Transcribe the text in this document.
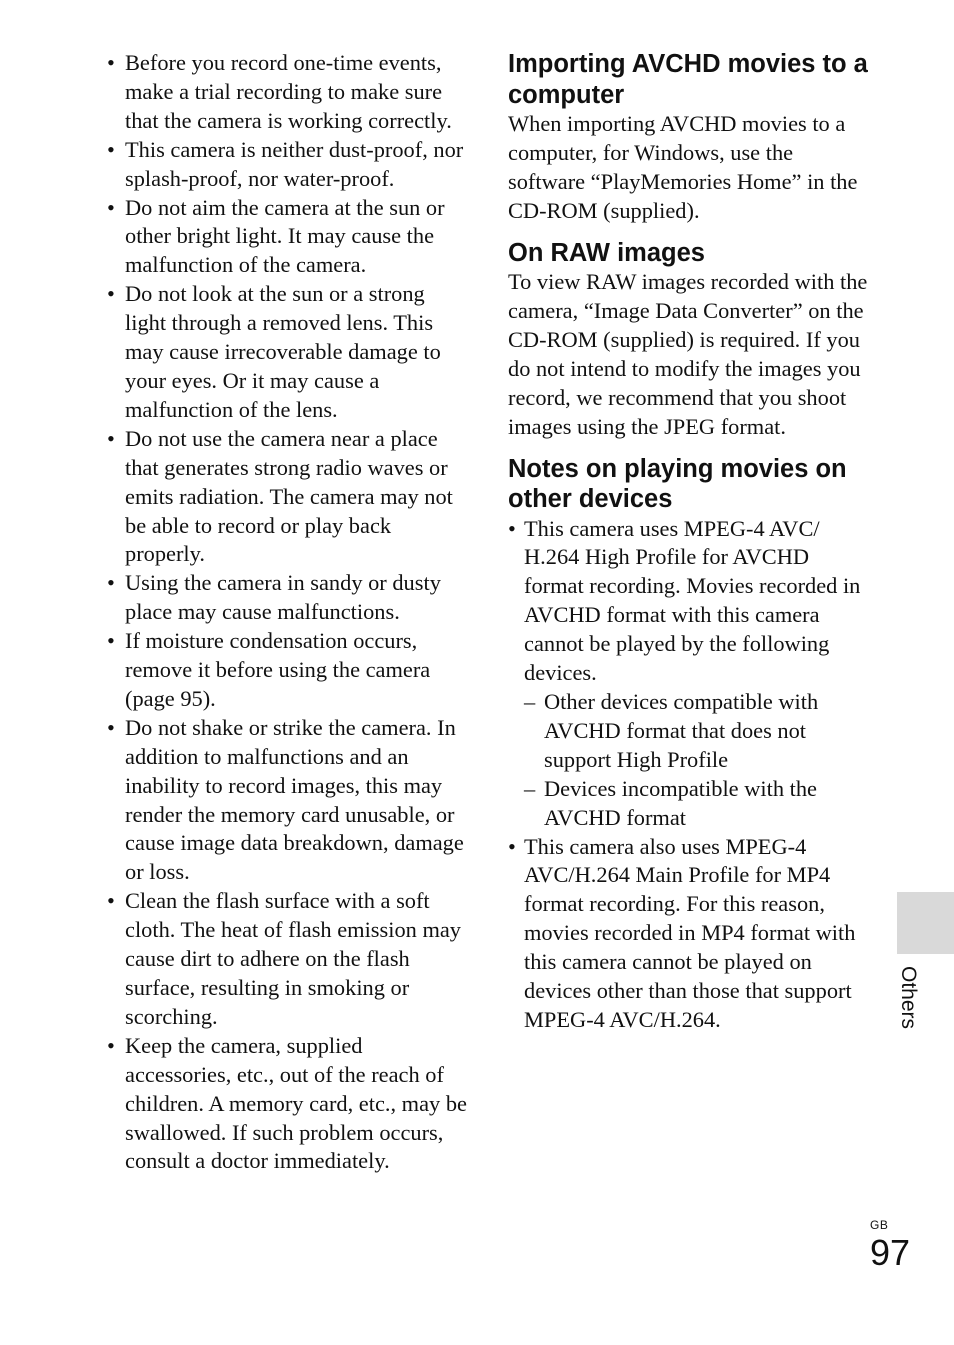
• Before you record one-time events, make a trial recording to make sure that the camera is working correctly.
• This camera is neither dust-proof, nor splash-proof, nor water-proof.
• Do not aim the camera at the sun or other bright light. It may cause the malfunction of the camera.
• Do not look at the sun or a strong light through a removed lens. This may cause irrecoverable damage to your eyes. Or it may cause a malfunction of the lens.
• Do not use the camera near a place that generates strong radio waves or emits radiation. The camera may not be able to record or play back properly.
• Using the camera in sandy or dusty place may cause malfunctions.
• If moisture condensation occurs, remove it before using the camera (page 95).
• Do not shake or strike the camera. In addition to malfunctions and an inability to record images, this may render the memory card unusable, or cause image data breakdown, damage or loss.
• Clean the flash surface with a soft cloth. The heat of flash emission may cause dirt to adhere on the flash surface, resulting in smoking or scorching.
• Keep the camera, supplied accessories, etc., out of the reach of children. A memory card, etc., may be swallowed. If such problem occurs, consult a doctor immediately.
Importing AVCHD movies to a computer

When importing AVCHD movies to a computer, for Windows, use the software “PlayMemories Home” in the CD-ROM (supplied).

On RAW images

To view RAW images recorded with the camera, “Image Data Converter” on the CD-ROM (supplied) is required. If you do not intend to modify the images you record, we recommend that you shoot images using the JPEG format.

Notes on playing movies on other devices
• This camera uses MPEG-4 AVC/ H.264 High Profile for AVCHD format recording. Movies recorded in AVCHD format with this camera cannot be played by the following devices.
– Other devices compatible with AVCHD format that does not support High Profile
– Devices incompatible with the AVCHD format
• This camera also uses MPEG-4 AVC/H.264 Main Profile for MP4 format recording. For this reason, movies recorded in MP4 format with this camera cannot be played on devices other than those that support MPEG-4 AVC/H.264.	Others
GB
97
